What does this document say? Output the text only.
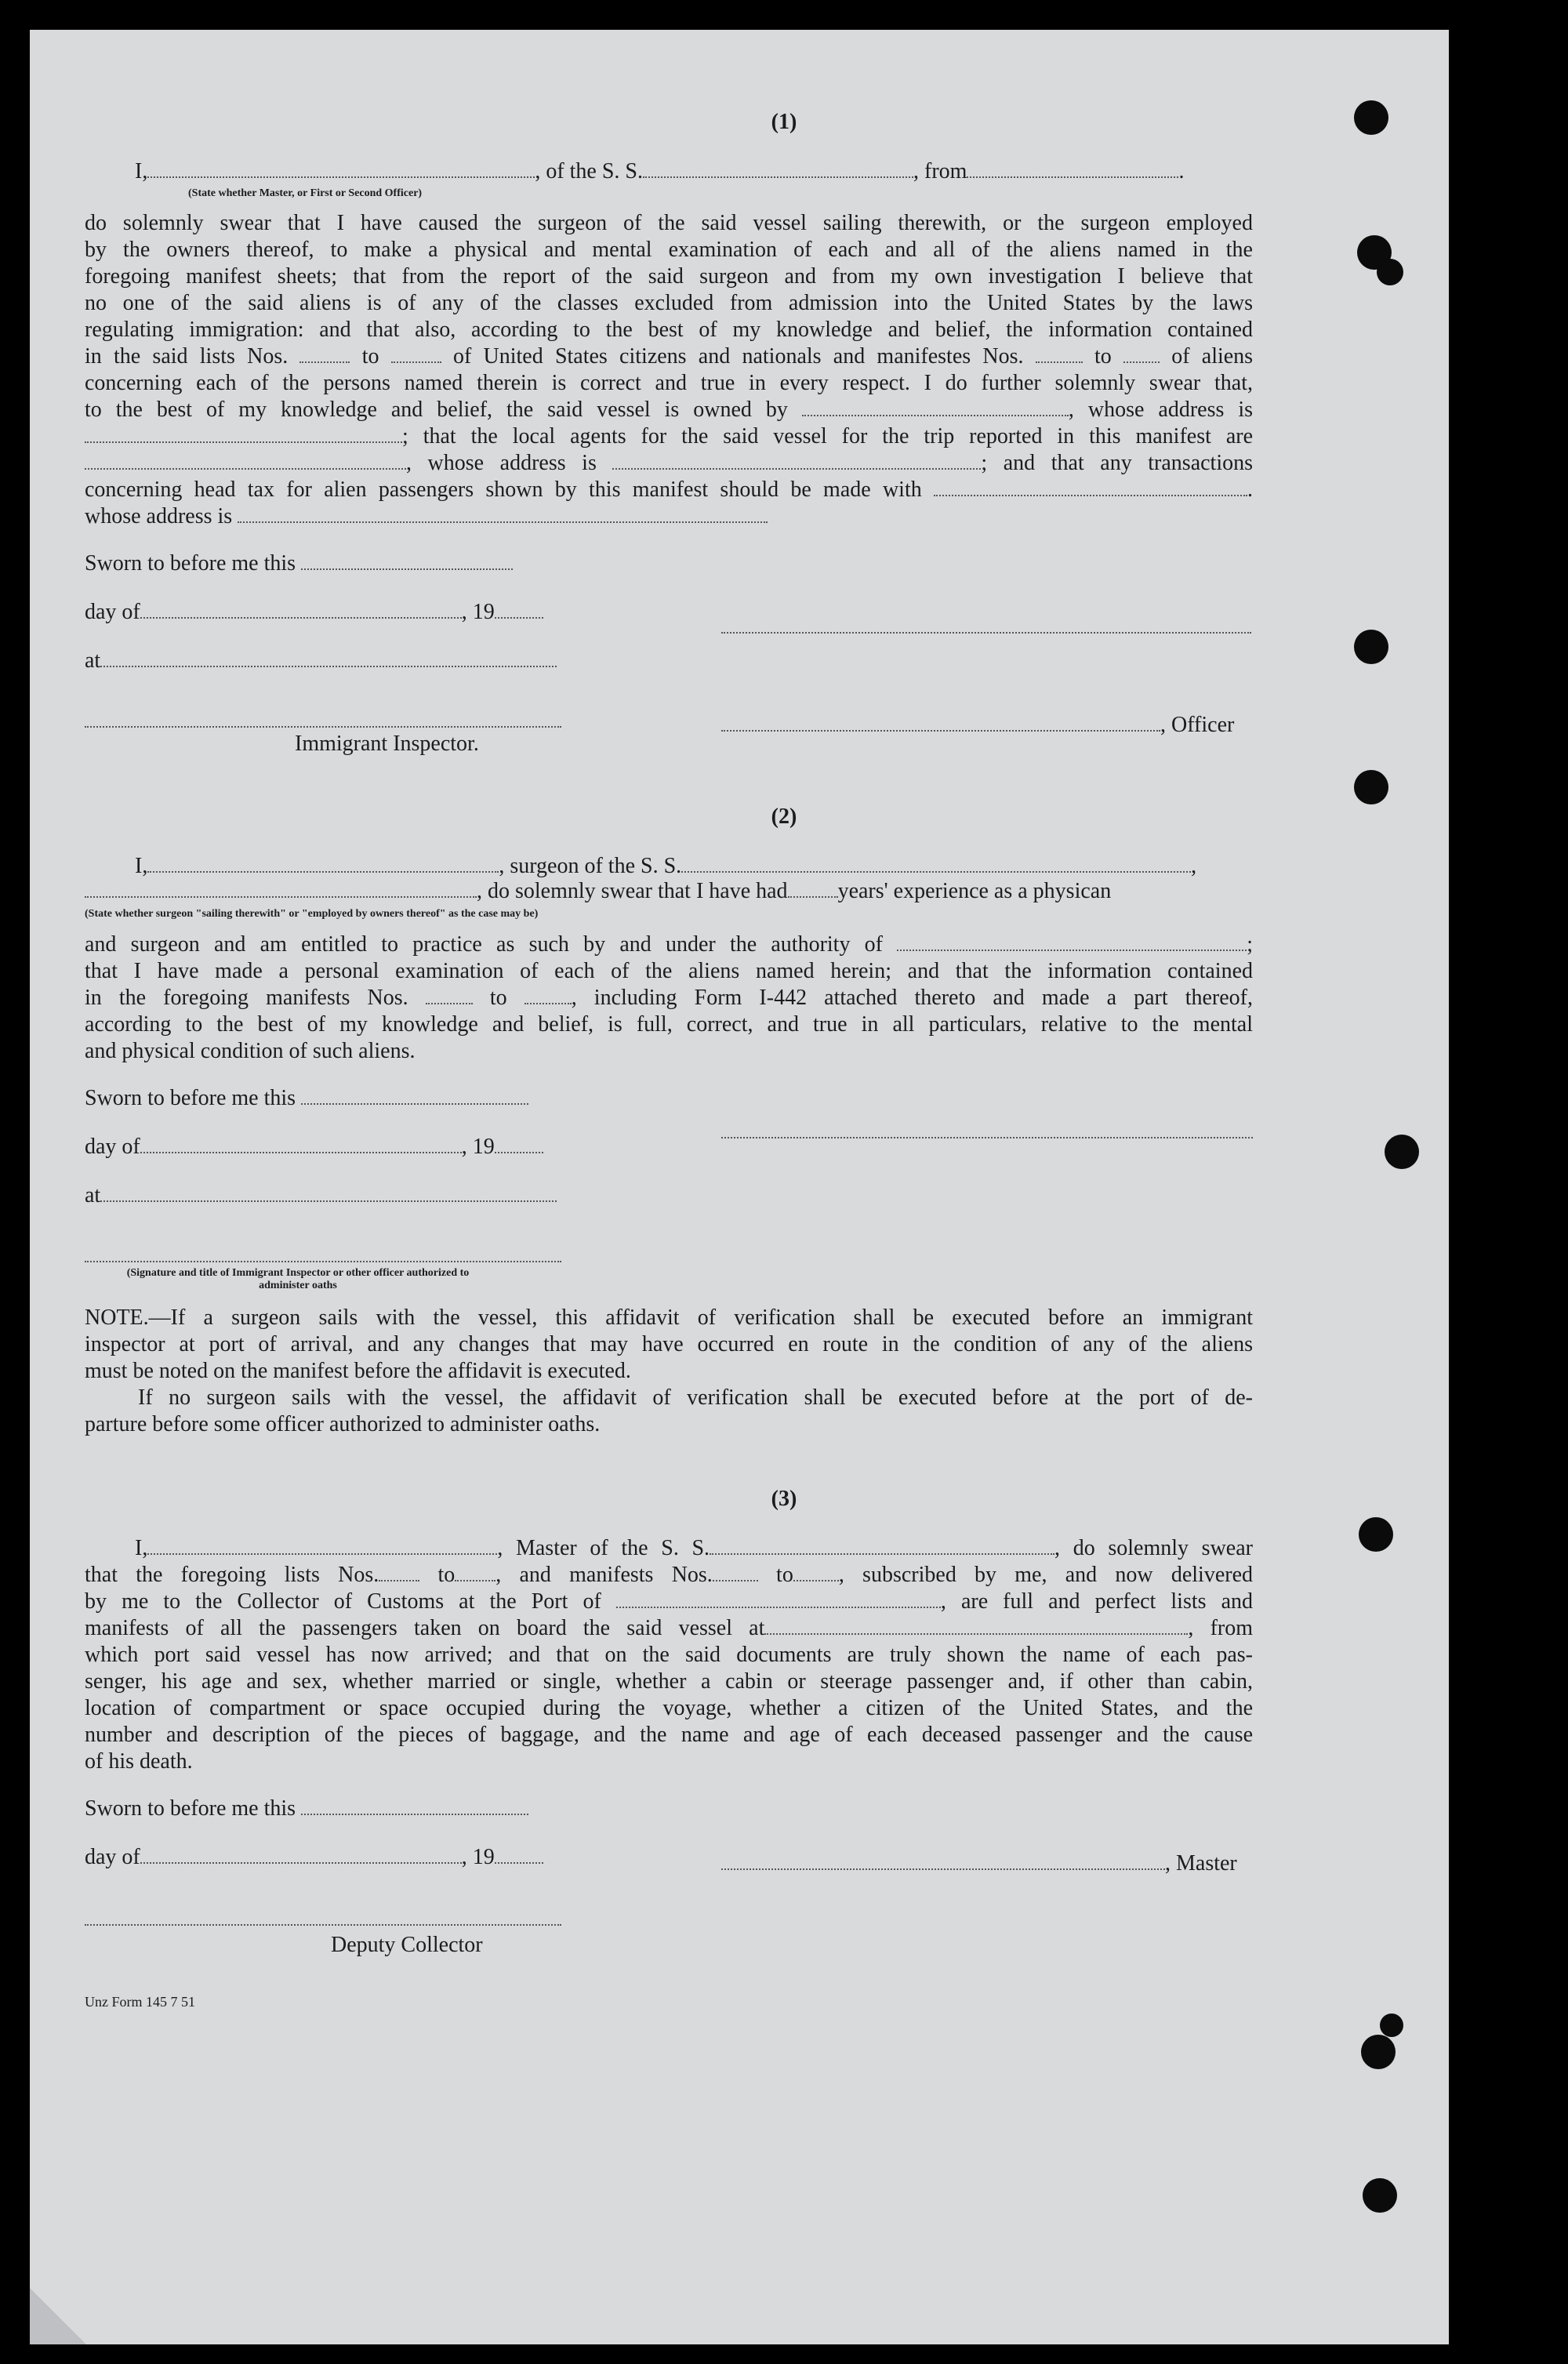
(1)
I,	, of the S. S.	, from	.
(State whether Master, or First or Second Officer)
do solemnly swear that I have caused the surgeon of the said vessel sailing therewith, or the surgeon employed
by the owners thereof, to make a physical and mental examination of each and all of the aliens named in the
foregoing manifest sheets; that from the report of the said surgeon and from my own investigation I believe that
no one of the said aliens is of any of the classes excluded from admission into the United States by the laws
regulating immigration: and that also, according to the best of my knowledge and belief, the information contained
in the said lists Nos.	to	of United States citizens and nationals and manifestes Nos.	to	of aliens
concerning each of the persons named therein is correct and true in every respect. I do further solemnly swear that,
to the best of my knowledge and belief, the said vessel is owned by	, whose address is
; that the local agents for the said vessel for the trip reported in this manifest are
, whose address is	; and that any transactions
concerning head tax for alien passengers shown by this manifest should be made with	.
whose address is
Sworn to before me this
day of	, 19
at
Immigrant Inspector.
, Officer
(2)
I,	, surgeon of the S. S.	,
, do solemnly swear that I have had years' experience as a physican
(State whether surgeon "sailing therewith" or "employed by owners thereof" as the case may be)
and surgeon and am entitled to practice as such by and under the authority of	;
that I have made a personal examination of each of the aliens named herein; and that the information contained
in the foregoing manifests Nos.	to	, including Form I-442 attached thereto and made a part thereof,
according to the best of my knowledge and belief, is full, correct, and true in all particulars, relative to the mental
and physical condition of such aliens.
Sworn to before me this
day of	, 19
at
(Signature and title of Immigrant Inspector or other officer authorized to administer oaths
NOTE.—If a surgeon sails with the vessel, this affidavit of verification shall be executed before an immigrant
inspector at port of arrival, and any changes that may have occurred en route in the condition of any of the aliens
must be noted on the manifest before the affidavit is executed.
If no surgeon sails with the vessel, the affidavit of verification shall be executed before at the port of de-
parture before some officer authorized to administer oaths.
(3)
I,	, Master of the S. S.	, do solemnly swear
that the foregoing lists Nos.	to , and manifests Nos.	to , subscribed by me, and now delivered
by me to the Collector of Customs at the Port of	, are full and perfect lists and
manifests of all the passengers taken on board the said vessel at	, from
which port said vessel has now arrived; and that on the said documents are truly shown the name of each pas-
senger, his age and sex, whether married or single, whether a cabin or steerage passenger and, if other than cabin,
location of compartment or space occupied during the voyage, whether a citizen of the United States, and the
number and description of the pieces of baggage, and the name and age of each deceased passenger and the cause
of his death.
Sworn to before me this
day of	, 19	, Master
Deputy Collector
Unz Form 145 7 51
